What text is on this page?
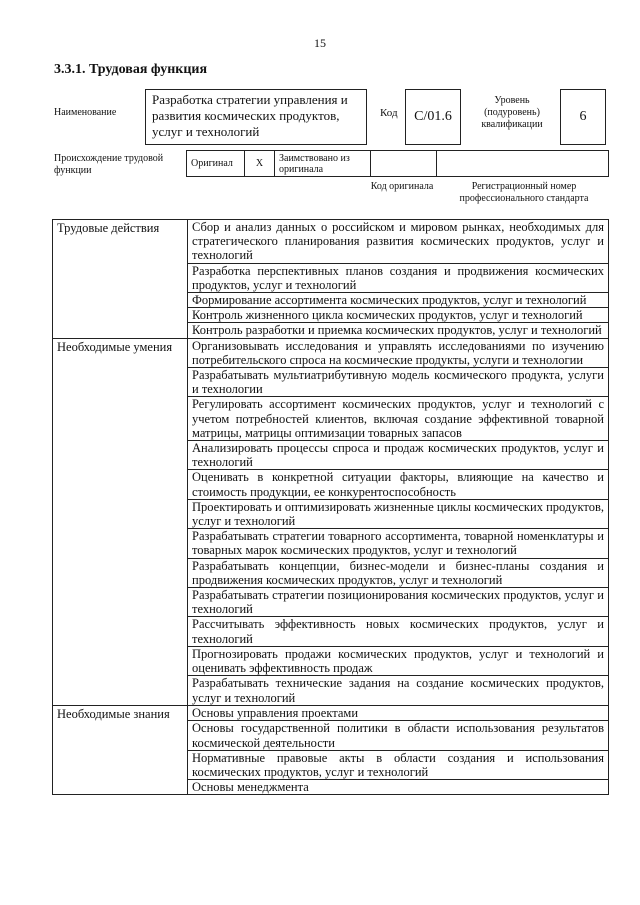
15
3.3.1. Трудовая функция
Наименование
Разработка стратегии управления и развития космических продуктов, услуг и технологий
Код	C/01.6
Уровень (подуровень) квалификации
6
Происхождение трудовой функции
Оригинал	X	Заимствовано из оригинала		
Код оригинала	Регистрационный номер профессионального стандарта
Трудовые действия	Сбор и анализ данных о российском и мировом рынках, необходимых для стратегического планирования развития космических продуктов, услуг и технологий
	Разработка перспективных планов создания и продвижения космических продуктов, услуг и технологий
	Формирование ассортимента космических продуктов, услуг и технологий
	Контроль жизненного цикла космических продуктов, услуг и технологий
	Контроль разработки и приемка космических продуктов, услуг и технологий
Необходимые умения	Организовывать исследования и управлять исследованиями по изучению потребительского спроса на космические продукты, услуги и технологии
	Разрабатывать мультиатрибутивную модель космического продукта, услуги и технологии
	Регулировать ассортимент космических продуктов, услуг и технологий с учетом потребностей клиентов, включая создание эффективной товарной матрицы, матрицы оптимизации товарных запасов
	Анализировать процессы спроса и продаж космических продуктов, услуг и технологий
	Оценивать в конкретной ситуации факторы, влияющие на качество и стоимость продукции, ее конкурентоспособность
	Проектировать и оптимизировать жизненные циклы космических продуктов, услуг и технологий
	Разрабатывать стратегии товарного ассортимента, товарной номенклатуры и товарных марок космических продуктов, услуг и технологий
	Разрабатывать концепции, бизнес-модели и бизнес-планы создания и продвижения космических продуктов, услуг и технологий
	Разрабатывать стратегии позиционирования космических продуктов, услуг и технологий
	Рассчитывать эффективность новых космических продуктов, услуг и технологий
	Прогнозировать продажи космических продуктов, услуг и технологий и оценивать эффективность продаж
	Разрабатывать технические задания на создание космических продуктов, услуг и технологий
Необходимые знания	Основы управления проектами
	Основы государственной политики в области использования результатов космической деятельности
	Нормативные правовые акты в области создания и использования космических продуктов, услуг и технологий
	Основы менеджмента
